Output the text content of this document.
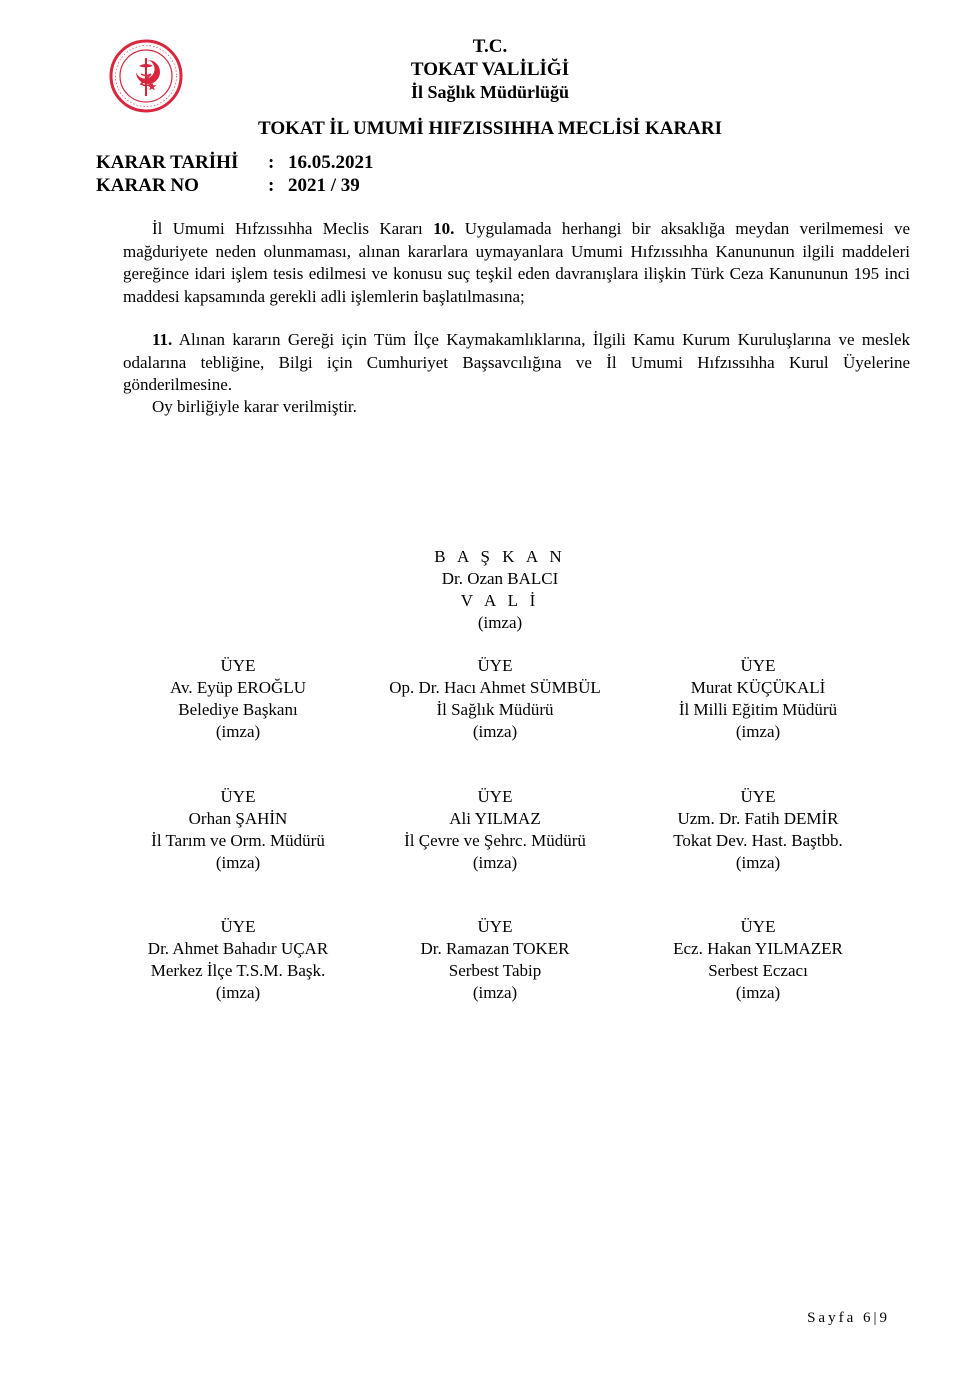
T.C.
TOKAT VALİLİĞİ
İl Sağlık Müdürlüğü
TOKAT İL UMUMİ HIFZISSIHHA MECLİSİ KARARI
KARAR TARİHİ : 16.05.2021
KARAR NO	: 2021 / 39
İl Umumi Hıfzıssıhha Meclis Kararı 10. Uygulamada herhangi bir aksaklığa meydan verilmemesi ve mağduriyete neden olunmaması, alınan kararlara uymayanlara Umumi Hıfzıssıhha Kanununun ilgili maddeleri gereğince idari işlem tesis edilmesi ve konusu suç teşkil eden davranışlara ilişkin Türk Ceza Kanununun 195 inci maddesi kapsamında gerekli adli işlemlerin başlatılmasına;
11. Alınan kararın Gereği için Tüm İlçe Kaymakamlıklarına, İlgili Kamu Kurum Kuruluşlarına ve meslek odalarına tebliğine, Bilgi için Cumhuriyet Başsavcılığına ve İl Umumi Hıfzıssıhha Kurul Üyelerine gönderilmesine.
Oy birliğiyle karar verilmiştir.
B A Ş K A N
Dr. Ozan BALCI
V A L İ
(imza)
ÜYE
Av. Eyüp EROĞLU
Belediye Başkanı
(imza)
ÜYE
Op. Dr. Hacı Ahmet SÜMBÜL
İl Sağlık Müdürü
(imza)
ÜYE
Murat KÜÇÜKALİ
İl Milli Eğitim Müdürü
(imza)
ÜYE
Orhan ŞAHİN
İl Tarım ve Orm. Müdürü
(imza)
ÜYE
Ali YILMAZ
İl Çevre ve Şehrc. Müdürü
(imza)
ÜYE
Uzm. Dr. Fatih DEMİR
Tokat Dev. Hast. Baştbb.
(imza)
ÜYE
Dr. Ahmet Bahadır UÇAR
Merkez İlçe T.S.M. Başk.
(imza)
ÜYE
Dr. Ramazan TOKER
Serbest Tabip
(imza)
ÜYE
Ecz. Hakan YILMAZER
Serbest Eczacı
(imza)
Sayfa 6|9
